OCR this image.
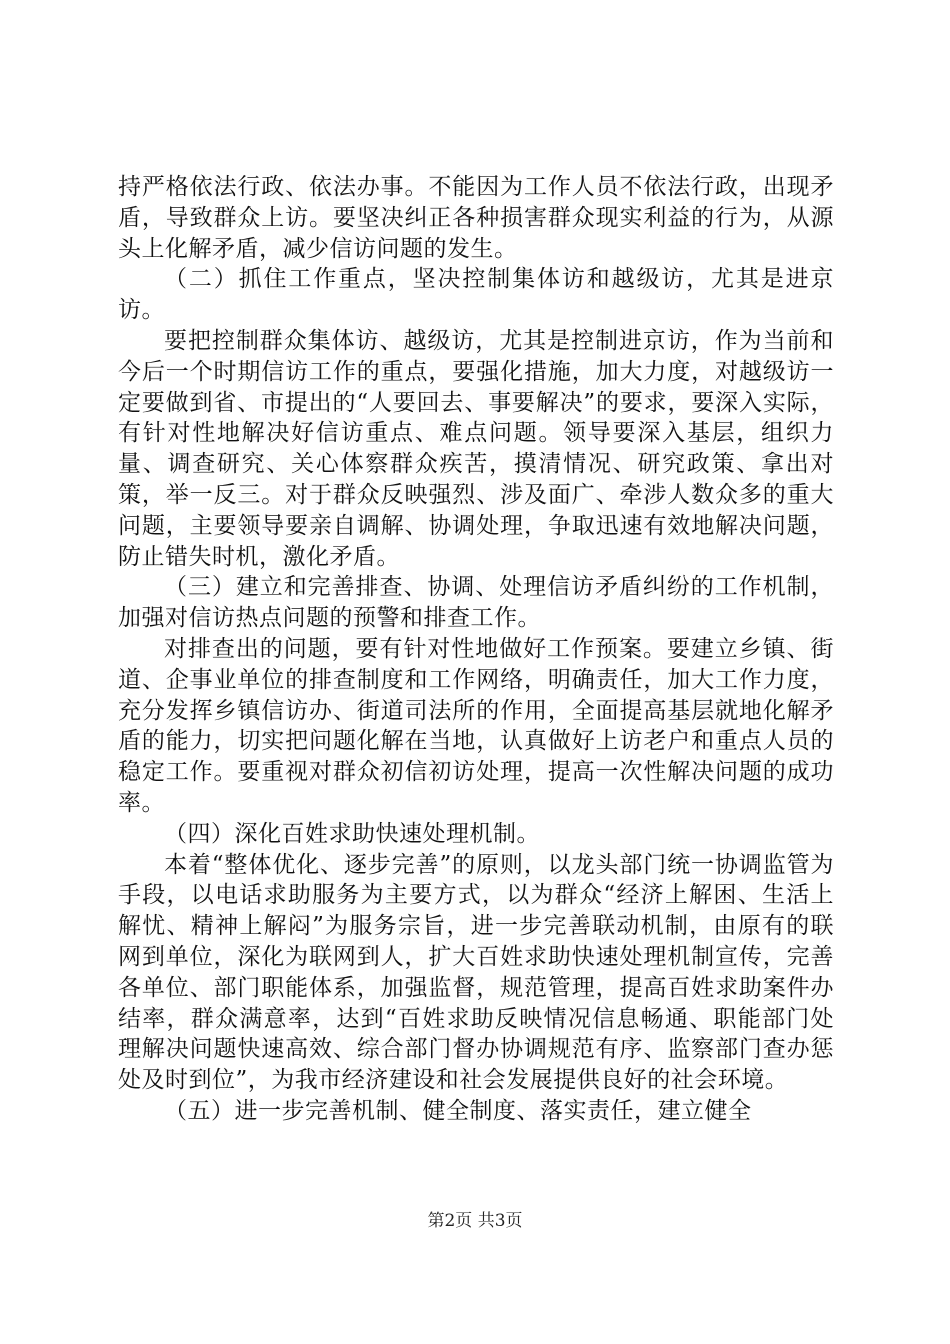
持严格依法行政、依法办事。不能因为工作人员不依法行政，出现矛盾，导致群众上访。要坚决纠正各种损害群众现实利益的行为，从源头上化解矛盾，减少信访问题的发生。

（二）抓住工作重点，坚决控制集体访和越级访，尤其是进京访。

要把控制群众集体访、越级访，尤其是控制进京访，作为当前和今后一个时期信访工作的重点，要强化措施，加大力度，对越级访一定要做到省、市提出的“人要回去、事要解决”的要求，要深入实际，有针对性地解决好信访重点、难点问题。领导要深入基层，组织力量、调查研究、关心体察群众疾苦，摸清情况、研究政策、拿出对策，举一反三。对于群众反映强烈、涉及面广、牵涉人数众多的重大问题，主要领导要亲自调解、协调处理，争取迅速有效地解决问题，防止错失时机，激化矛盾。

（三）建立和完善排查、协调、处理信访矛盾纠纷的工作机制，加强对信访热点问题的预警和排查工作。

对排查出的问题，要有针对性地做好工作预案。要建立乡镇、街道、企事业单位的排查制度和工作网络，明确责任，加大工作力度，充分发挥乡镇信访办、街道司法所的作用，全面提高基层就地化解矛盾的能力，切实把问题化解在当地，认真做好上访老户和重点人员的稳定工作。要重视对群众初信初访处理，提高一次性解决问题的成功率。

（四）深化百姓求助快速处理机制。

本着“整体优化、逐步完善”的原则，以龙头部门统一协调监管为手段，以电话求助服务为主要方式，以为群众“经济上解困、生活上解忧、精神上解闷”为服务宗旨，进一步完善联动机制，由原有的联网到单位，深化为联网到人，扩大百姓求助快速处理机制宣传，完善各单位、部门职能体系，加强监督，规范管理，提高百姓求助案件办结率，群众满意率，达到“百姓求助反映情况信息畅通、职能部门处理解决问题快速高效、综合部门督办协调规范有序、监察部门查办惩处及时到位”，为我市经济建设和社会发展提供良好的社会环境。

（五）进一步完善机制、健全制度、落实责任，建立健全

第2页 共3页
